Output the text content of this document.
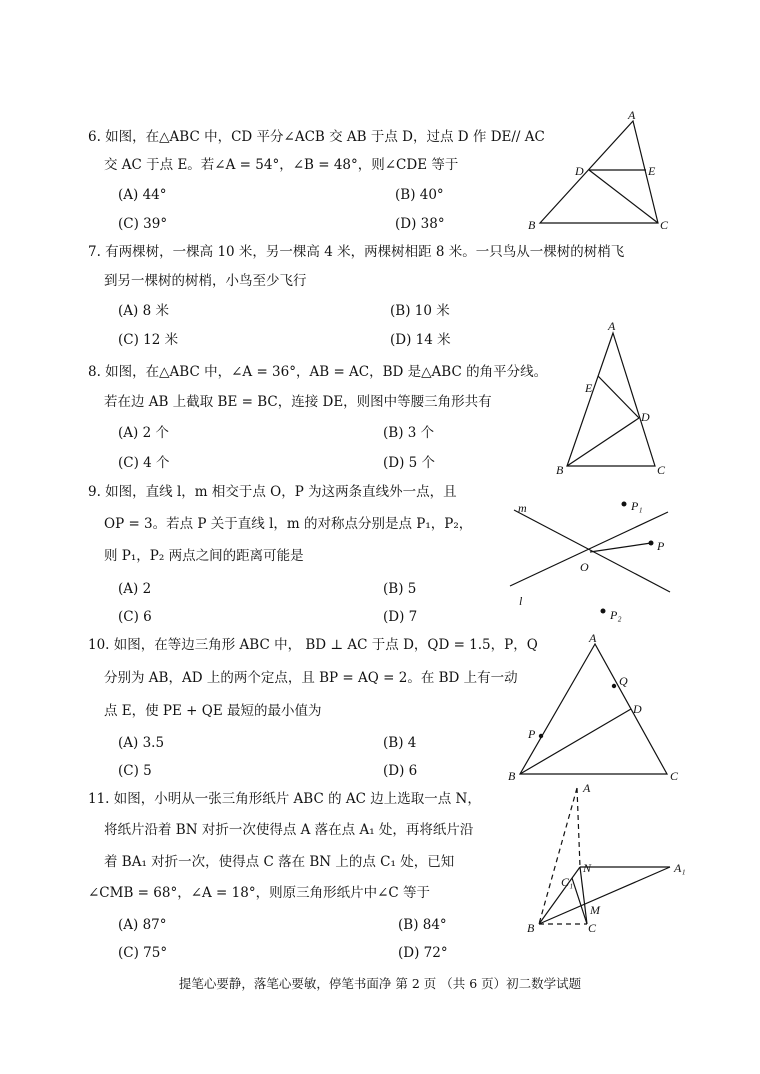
6. 如图，在△ABC 中，CD 平分∠ACB 交 AB 于点 D，过点 D 作 DE// AC
交 AC 于点 E。若∠A = 54°，∠B = 48°，则∠CDE 等于
(A) 44°	(B) 40°
(C) 39°	(D) 38°
A
D	E
B	C
7. 有两棵树，一棵高 10 米，另一棵高 4 米，两棵树相距 8 米。一只鸟从一棵树的树梢飞
到另一棵树的树梢，小鸟至少飞行
(A) 8 米	(B) 10 米
(C) 12 米	(D) 14 米
8. 如图，在△ABC 中，∠A = 36°，AB = AC，BD 是△ABC 的角平分线。
若在边 AB 上截取 BE = BC，连接 DE，则图中等腰三角形共有
(A) 2 个	(B) 3 个
(C) 4 个	(D) 5 个
A
E
D
B	C
9. 如图，直线 l，m 相交于点 O，P 为这两条直线外一点，且
OP = 3。若点 P 关于直线 l，m 的对称点分别是点 P₁，P₂，
则 P₁，P₂ 两点之间的距离可能是
(A) 2	(B) 5
(C) 6	(D) 7
m	P₁
P
O
l
P₂
10. 如图，在等边三角形 ABC 中， BD ⊥ AC 于点 D，QD = 1.5，P，Q
分别为 AB，AD 上的两个定点，且 BP = AQ = 2。在 BD 上有一动
点 E，使 PE + QE 最短的最小值为
(A) 3.5	(B) 4
(C) 5	(D) 6
A
Q
D
P
B	C
11. 如图，小明从一张三角形纸片 ABC 的 AC 边上选取一点 N，
将纸片沿着 BN 对折一次使得点 A 落在点 A₁ 处，再将纸片沿
着 BA₁ 对折一次，使得点 C 落在 BN 上的点 C₁ 处，已知
∠CMB = 68°，∠A = 18°，则原三角形纸片中∠C 等于
(A) 87°	(B) 84°
(C) 75°	(D) 72°
A
N	A₁
C₁
M
B	C
提笔心要静，落笔心要敏，停笔书面净 第 2 页 （共 6 页）初二数学试题
